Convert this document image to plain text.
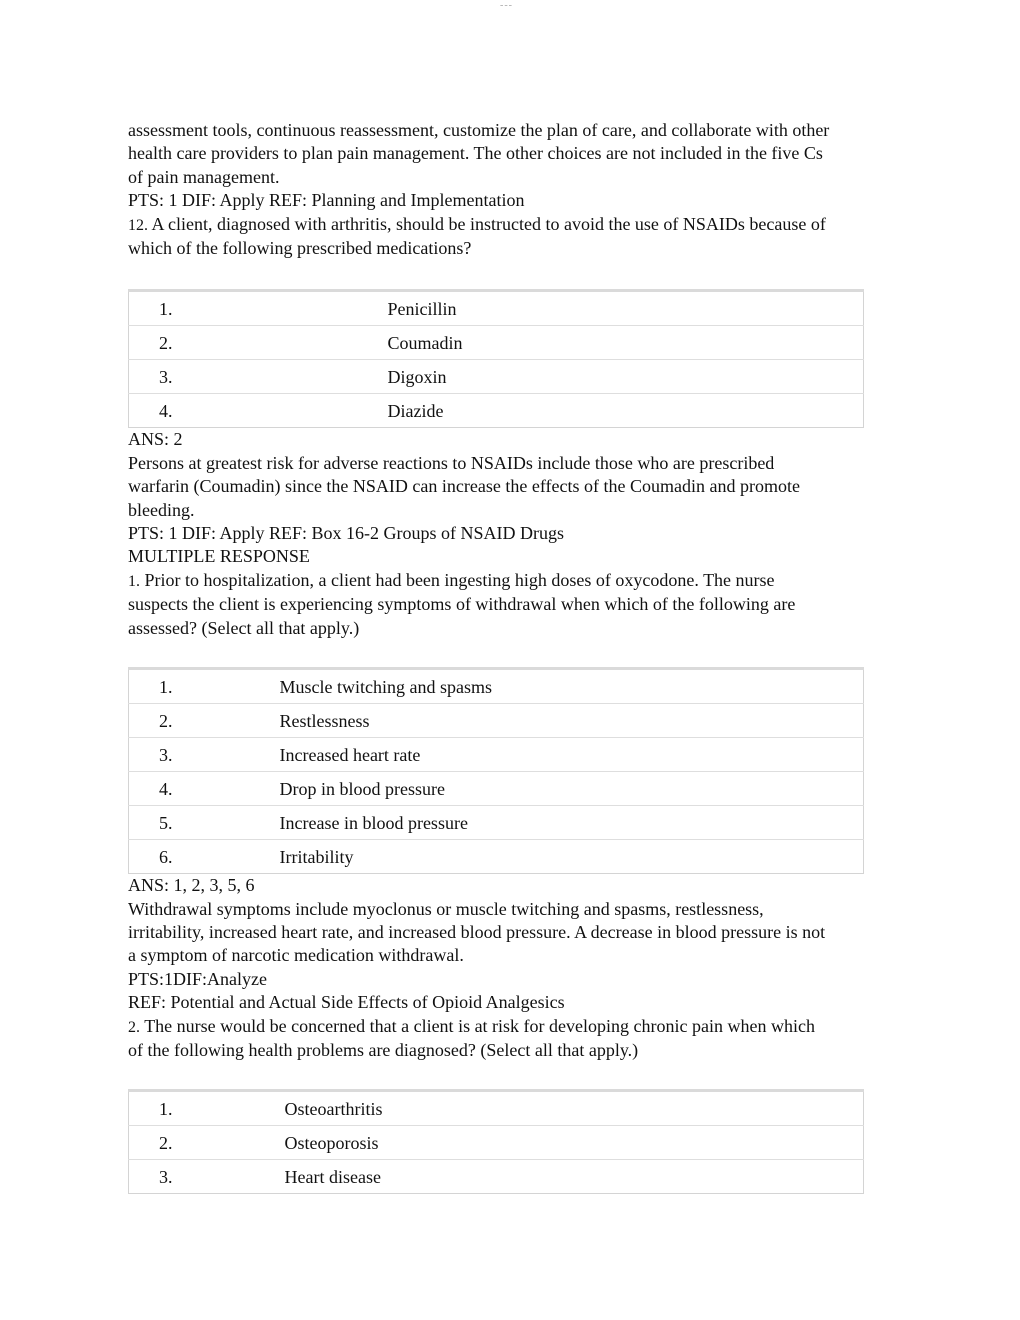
---
assessment tools, continuous reassessment, customize the plan of care, and collaborate with other
health care providers to plan pain management. The other choices are not included in the five Cs
of pain management.
PTS: 1 DIF: Apply REF: Planning and Implementation
12. A client, diagnosed with arthritis, should be instructed to avoid the use of NSAIDs because of
which of the following prescribed medications?
1.	Penicillin
2.	Coumadin
3.	Digoxin
4.	Diazide
ANS: 2
Persons at greatest risk for adverse reactions to NSAIDs include those who are prescribed
warfarin (Coumadin) since the NSAID can increase the effects of the Coumadin and promote
bleeding.
PTS: 1 DIF: Apply REF: Box 16-2 Groups of NSAID Drugs
MULTIPLE RESPONSE
1. Prior to hospitalization, a client had been ingesting high doses of oxycodone. The nurse
suspects the client is experiencing symptoms of withdrawal when which of the following are
assessed? (Select all that apply.)
1.	Muscle twitching and spasms
2.	Restlessness
3.	Increased heart rate
4.	Drop in blood pressure
5.	Increase in blood pressure
6.	Irritability
ANS: 1, 2, 3, 5, 6
Withdrawal symptoms include myoclonus or muscle twitching and spasms, restlessness,
irritability, increased heart rate, and increased blood pressure. A decrease in blood pressure is not
a symptom of narcotic medication withdrawal.
PTS:1DIF:Analyze
REF: Potential and Actual Side Effects of Opioid Analgesics
2. The nurse would be concerned that a client is at risk for developing chronic pain when which
of the following health problems are diagnosed? (Select all that apply.)
1.	Osteoarthritis
2.	Osteoporosis
3.	Heart disease
